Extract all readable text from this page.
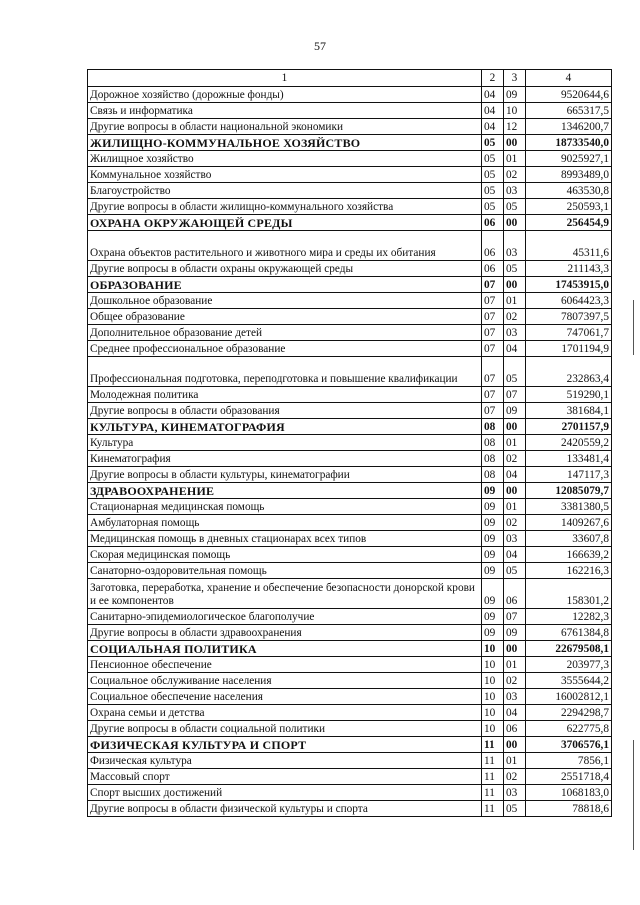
57
1	2	3	4
Дорожное хозяйство (дорожные фонды)	04	09	9520644,6
Связь и информатика	04	10	665317,5
Другие вопросы в области национальной экономики	04	12	1346200,7
ЖИЛИЩНО-КОММУНАЛЬНОЕ ХОЗЯЙСТВО	05	00	18733540,0
Жилищное хозяйство	05	01	9025927,1
Коммунальное хозяйство	05	02	8993489,0
Благоустройство	05	03	463530,8
Другие вопросы в области жилищно-коммунального хозяйства	05	05	250593,1
ОХРАНА ОКРУЖАЮЩЕЙ СРЕДЫ	06	00	256454,9
Охрана объектов растительного и животного мира и среды их обитания	06	03	45311,6
Другие вопросы в области охраны окружающей среды	06	05	211143,3
ОБРАЗОВАНИЕ	07	00	17453915,0
Дошкольное образование	07	01	6064423,3
Общее образование	07	02	7807397,5
Дополнительное образование детей	07	03	747061,7
Среднее профессиональное образование	07	04	1701194,9
Профессиональная подготовка, переподготовка и повышение квалификации	07	05	232863,4
Молодежная политика	07	07	519290,1
Другие вопросы в области образования	07	09	381684,1
КУЛЬТУРА, КИНЕМАТОГРАФИЯ	08	00	2701157,9
Культура	08	01	2420559,2
Кинематография	08	02	133481,4
Другие вопросы в области культуры, кинематографии	08	04	147117,3
ЗДРАВООХРАНЕНИЕ	09	00	12085079,7
Стационарная медицинская помощь	09	01	3381380,5
Амбулаторная помощь	09	02	1409267,6
Медицинская помощь в дневных стационарах всех типов	09	03	33607,8
Скорая медицинская помощь	09	04	166639,2
Санаторно-оздоровительная помощь	09	05	162216,3
Заготовка, переработка, хранение и обеспечение безопасности донорской крови и ее компонентов	09	06	158301,2
Санитарно-эпидемиологическое благополучие	09	07	12282,3
Другие вопросы в области здравоохранения	09	09	6761384,8
СОЦИАЛЬНАЯ ПОЛИТИКА	10	00	22679508,1
Пенсионное обеспечение	10	01	203977,3
Социальное обслуживание населения	10	02	3555644,2
Социальное обеспечение населения	10	03	16002812,1
Охрана семьи и детства	10	04	2294298,7
Другие вопросы в области социальной политики	10	06	622775,8
ФИЗИЧЕСКАЯ КУЛЬТУРА И СПОРТ	11	00	3706576,1
Физическая культура	11	01	7856,1
Массовый спорт	11	02	2551718,4
Спорт высших достижений	11	03	1068183,0
Другие вопросы в области физической культуры и спорта	11	05	78818,6
